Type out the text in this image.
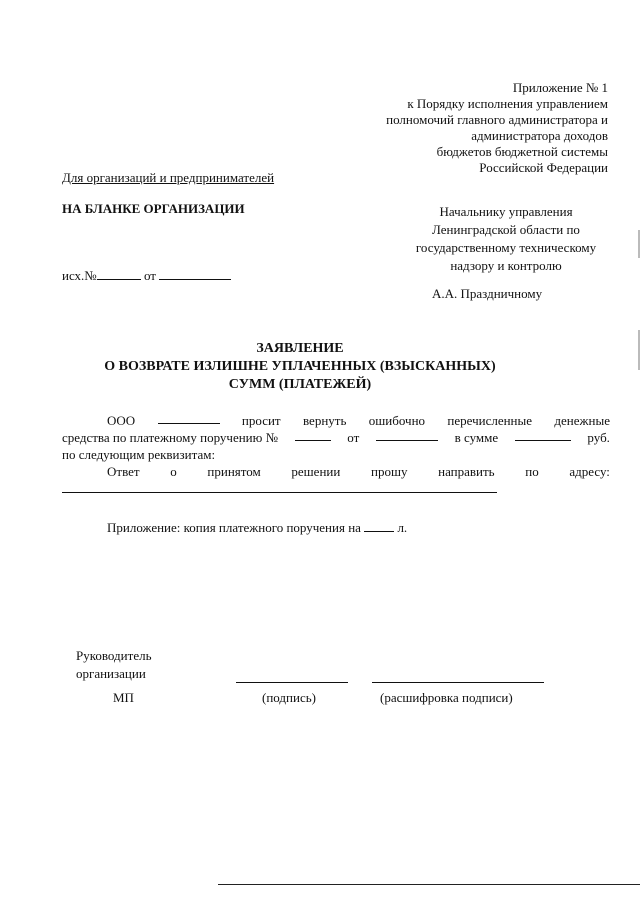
Приложение № 1
к Порядку исполнения управлением
полномочий главного администратора и
администратора доходов
бюджетов бюджетной системы
Российской Федерации
Для организаций и предпринимателей
НА БЛАНКЕ ОРГАНИЗАЦИИ	Начальнику управления
Ленинградской области по
государственному техническому
надзору и контролю
исх.№	от
А.А. Праздничному
ЗАЯВЛЕНИЕ
О ВОЗВРАТЕ ИЗЛИШНЕ УПЛАЧЕННЫХ (ВЗЫСКАННЫХ)
СУММ (ПЛАТЕЖЕЙ)
ООО	просит вернуть ошибочно перечисленные денежные
средства по платежному поручению №	от	в сумме	руб.
по следующим реквизитам:
Ответ о принятом решении прошу направить по адресу:
Приложение: копия платежного поручения на	л.
Руководитель
организации
МП	(подпись)	(расшифровка подписи)
